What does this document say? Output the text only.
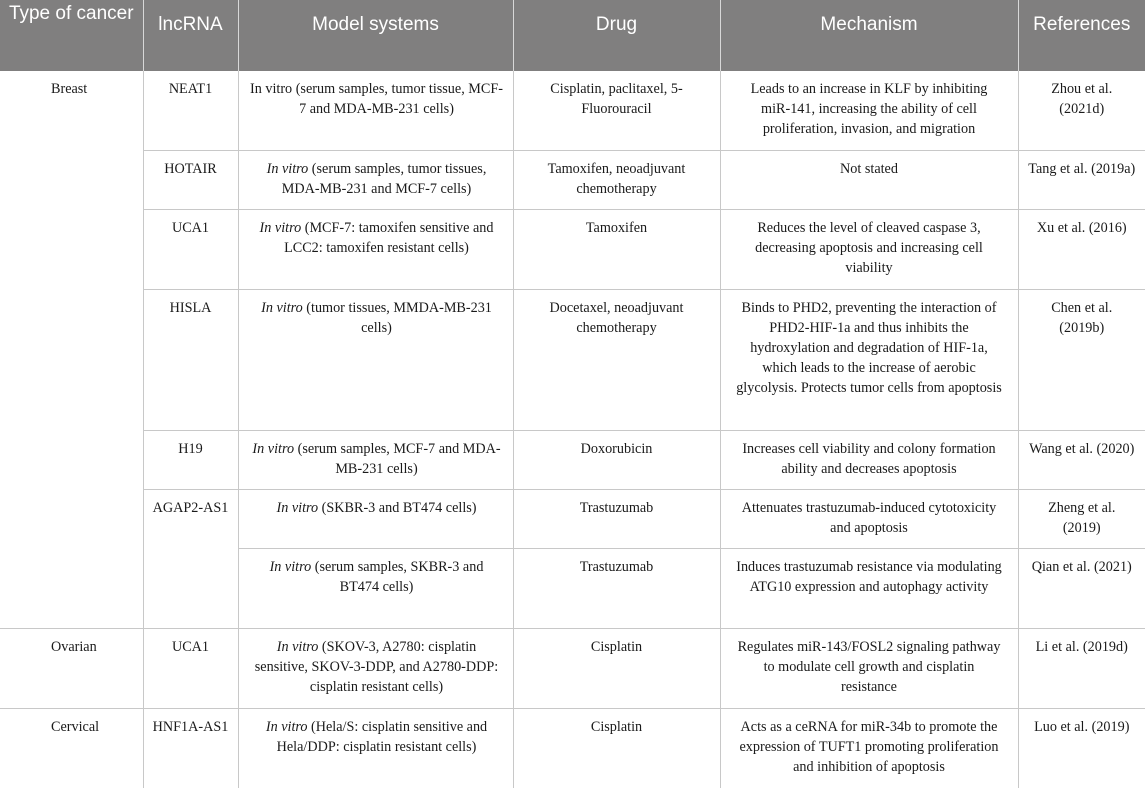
Type of cancer	lncRNA	Model systems	Drug	Mechanism	References
Breast	NEAT1	In vitro (serum samples, tumor tissue, MCF-7 and MDA-MB-231 cells)	Cisplatin, paclitaxel, 5-Fluorouracil	Leads to an increase in KLF by inhibiting miR-141, increasing the ability of cell proliferation, invasion, and migration	Zhou et al. (2021d)
	HOTAIR	In vitro (serum samples, tumor tissues, MDA-MB-231 and MCF-7 cells)	Tamoxifen, neoadjuvant chemotherapy	Not stated	Tang et al. (2019a)
	UCA1	In vitro (MCF-7: tamoxifen sensitive and LCC2: tamoxifen resistant cells)	Tamoxifen	Reduces the level of cleaved caspase 3, decreasing apoptosis and increasing cell viability	Xu et al. (2016)
	HISLA	In vitro (tumor tissues, MMDA-MB-231 cells)	Docetaxel, neoadjuvant chemotherapy	Binds to PHD2, preventing the interaction of PHD2-HIF-1a and thus inhibits the hydroxylation and degradation of HIF-1a, which leads to the increase of aerobic glycolysis. Protects tumor cells from apoptosis	Chen et al. (2019b)
	H19	In vitro (serum samples, MCF-7 and MDA-MB-231 cells)	Doxorubicin	Increases cell viability and colony formation ability and decreases apoptosis	Wang et al. (2020)
	AGAP2-AS1	In vitro (SKBR-3 and BT474 cells)	Trastuzumab	Attenuates trastuzumab-induced cytotoxicity and apoptosis	Zheng et al. (2019)
		In vitro (serum samples, SKBR-3 and BT474 cells)	Trastuzumab	Induces trastuzumab resistance via modulating ATG10 expression and autophagy activity	Qian et al. (2021)
Ovarian	UCA1	In vitro (SKOV-3, A2780: cisplatin sensitive, SKOV-3-DDP, and A2780-DDP: cisplatin resistant cells)	Cisplatin	Regulates miR-143/FOSL2 signaling pathway to modulate cell growth and cisplatin resistance	Li et al. (2019d)
Cervical	HNF1A-AS1	In vitro (Hela/S: cisplatin sensitive and Hela/DDP: cisplatin resistant cells)	Cisplatin	Acts as a ceRNA for miR-34b to promote the expression of TUFT1 promoting proliferation and inhibition of apoptosis	Luo et al. (2019)
